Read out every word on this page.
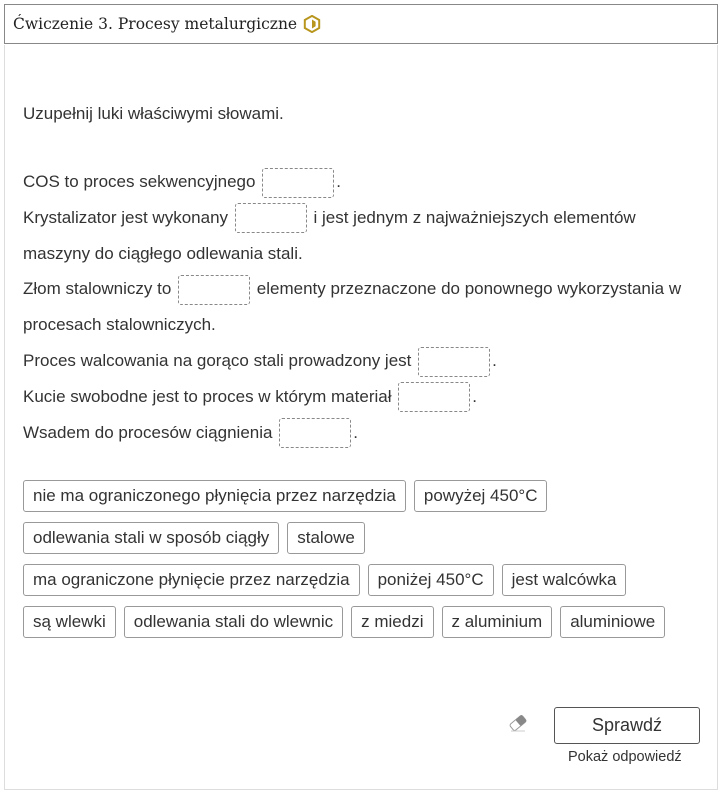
Ćwiczenie 3. Procesy metalurgiczne
Uzupełnij luki właściwymi słowami.
COS to proces sekwencyjnego	.
Krystalizator jest wykonany	i jest jednym z najważniejszych elementów maszyny do ciągłego odlewania stali.
Złom stalowniczy to	elementy przeznaczone do ponownego wykorzystania w procesach stalowniczych.
Proces walcowania na gorąco stali prowadzony jest	.
Kucie swobodne jest to proces w którym materiał	.
Wsadem do procesów ciągnienia	.
nie ma ograniczonego płynięcia przez narzędzia	powyżej 450°C
odlewania stali w sposób ciągły	stalowe
ma ograniczone płynięcie przez narzędzia	poniżej 450°C	jest walcówka
są wlewki	odlewania stali do wlewnic	z miedzi	z aluminium	aluminiowe
Sprawdź
Pokaż odpowiedź
